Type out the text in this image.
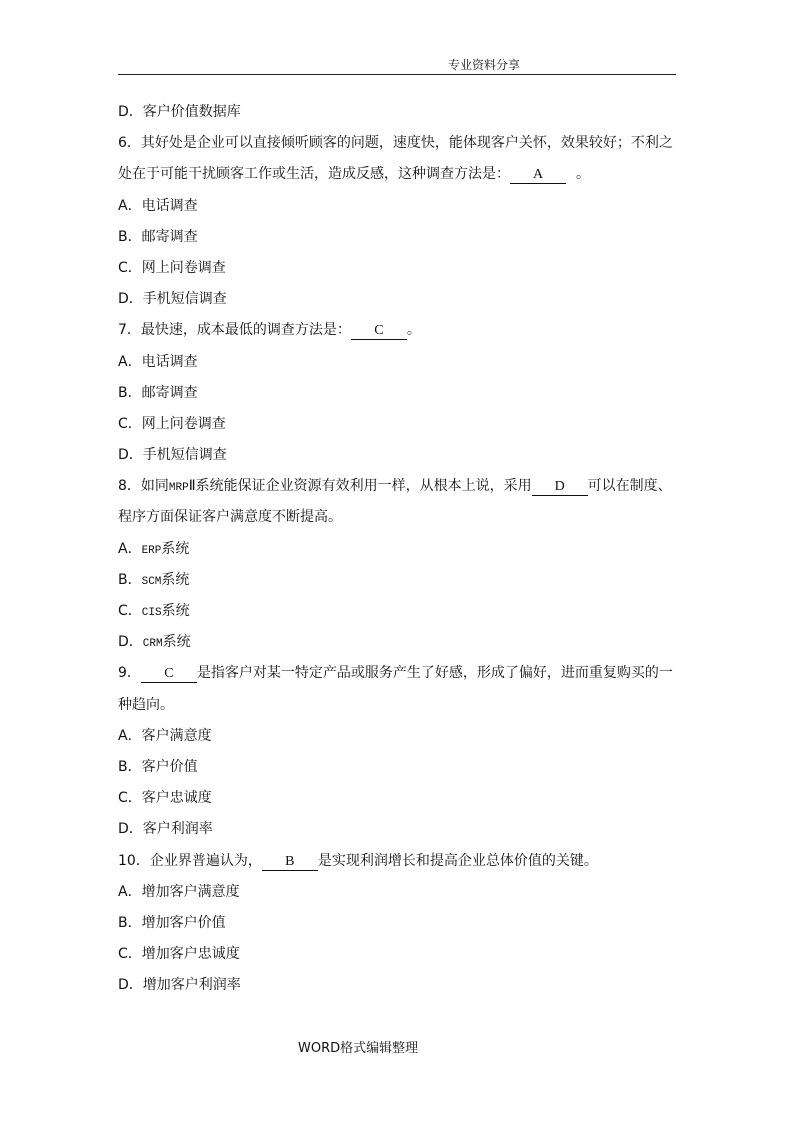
专业资料分享
D．客户价值数据库
6．其好处是企业可以直接倾听顾客的问题，速度快，能体现客户关怀，效果较好；不利之
处在于可能干扰顾客工作或生活，造成反感，这种调查方法是： A 。
A．电话调查
B．邮寄调查
C．网上问卷调查
D．手机短信调查
7．最快速，成本最低的调查方法是： C 。
A．电话调查
B．邮寄调查
C．网上问卷调查
D．手机短信调查
8．如同MRPⅡ系统能保证企业资源有效利用一样，从根本上说，采用 D 可以在制度、
程序方面保证客户满意度不断提高。
A．ERP系统
B．SCM系统
C．CIS系统
D．CRM系统
9． C 是指客户对某一特定产品或服务产生了好感，形成了偏好，进而重复购买的一
种趋向。
A．客户满意度
B．客户价值
C．客户忠诚度
D．客户利润率
10．企业界普遍认为， B 是实现利润增长和提高企业总体价值的关键。
A．增加客户满意度
B．增加客户价值
C．增加客户忠诚度
D．增加客户利润率
WORD格式编辑整理
